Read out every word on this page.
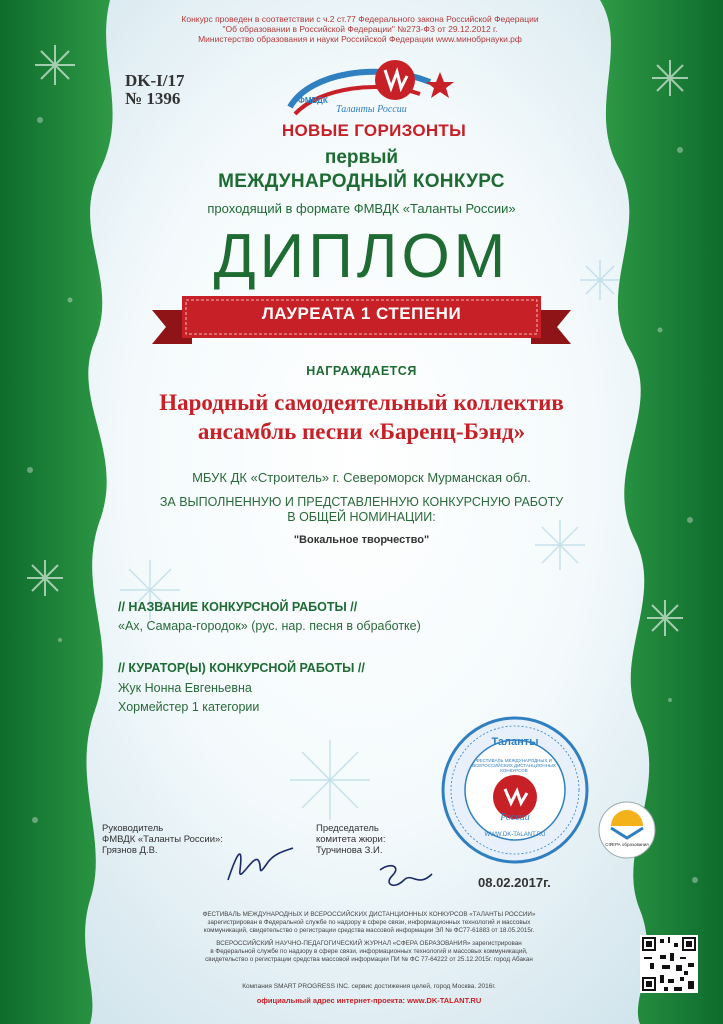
Конкурс проведен в соответствии с ч.2 ст.77 Федерального закона Российской Федерации
"Об образовании в Российской Федерации" №273-ФЗ от 29.12.2012 г.
Министерство образования и науки Российской Федерации www.минобрнауки.рф
DK-I/17
№ 1396	ФМВДК
Таланты России
НОВЫЕ ГОРИЗОНТЫ
первый
МЕЖДУНАРОДНЫЙ КОНКУРС
проходящий в формате ФМВДК «Таланты России»
ДИПЛОМ
ЛАУРЕАТА 1 СТЕПЕНИ
НАГРАЖДАЕТСЯ
Народный самодеятельный коллектив
ансамбль песни «Баренц-Бэнд»
МБУК ДК «Строитель» г. Североморск Мурманская обл.
ЗА ВЫПОЛНЕННУЮ И ПРЕДСТАВЛЕННУЮ КОНКУРСНУЮ РАБОТУ
В ОБЩЕЙ НОМИНАЦИИ:
"Вокальное творчество"
// НАЗВАНИЕ КОНКУРСНОЙ РАБОТЫ //
«Ах, Самара-городок» (рус. нар. песня в обработке)
// КУРАТОР(Ы) КОНКУРСНОЙ РАБОТЫ //
Жук Нонна Евгеньевна
Хормейстер 1 категории
Руководитель
ФМВДК «Таланты России»:
Грязнов Д.В.
Председатель
комитета жюри:
Турчинова З.И.
Таланты
России
ФЕСТИВАЛЬ МЕЖДУНАРОДНЫХ И ВСЕРОССИЙСКИХ ДИСТАНЦИОННЫХ КОНКУРСОВ
WWW.DK-TALANT.RU
СФЕРА образования
08.02.2017г.
ФЕСТИВАЛЬ МЕЖДУНАРОДНЫХ И ВСЕРОССИЙСКИХ ДИСТАНЦИОННЫХ КОНКУРСОВ «ТАЛАНТЫ РОССИИ»
зарегистрирован в Федеральной службе по надзору в сфере связи, информационных технологий и массовых
коммуникаций, свидетельство о регистрации средства массовой информации ЭЛ № ФС77-61883 от 18.05.2015г.
ВСЕРОССИЙСКИЙ НАУЧНО-ПЕДАГОГИЧЕСКИЙ ЖУРНАЛ «СФЕРА ОБРАЗОВАНИЯ» зарегистрирован
в Федеральной службе по надзору в сфере связи, информационных технологий и массовых коммуникаций,
свидетельство о регистрации средства массовой информации ПИ № ФС 77-64222 от 25.12.2015г. город Абакан
Компания SMART PROGRESS INC. сервис достижения целей, город Москва. 2016г.
официальный адрес интернет-проекта: www.DK-TALANT.RU
